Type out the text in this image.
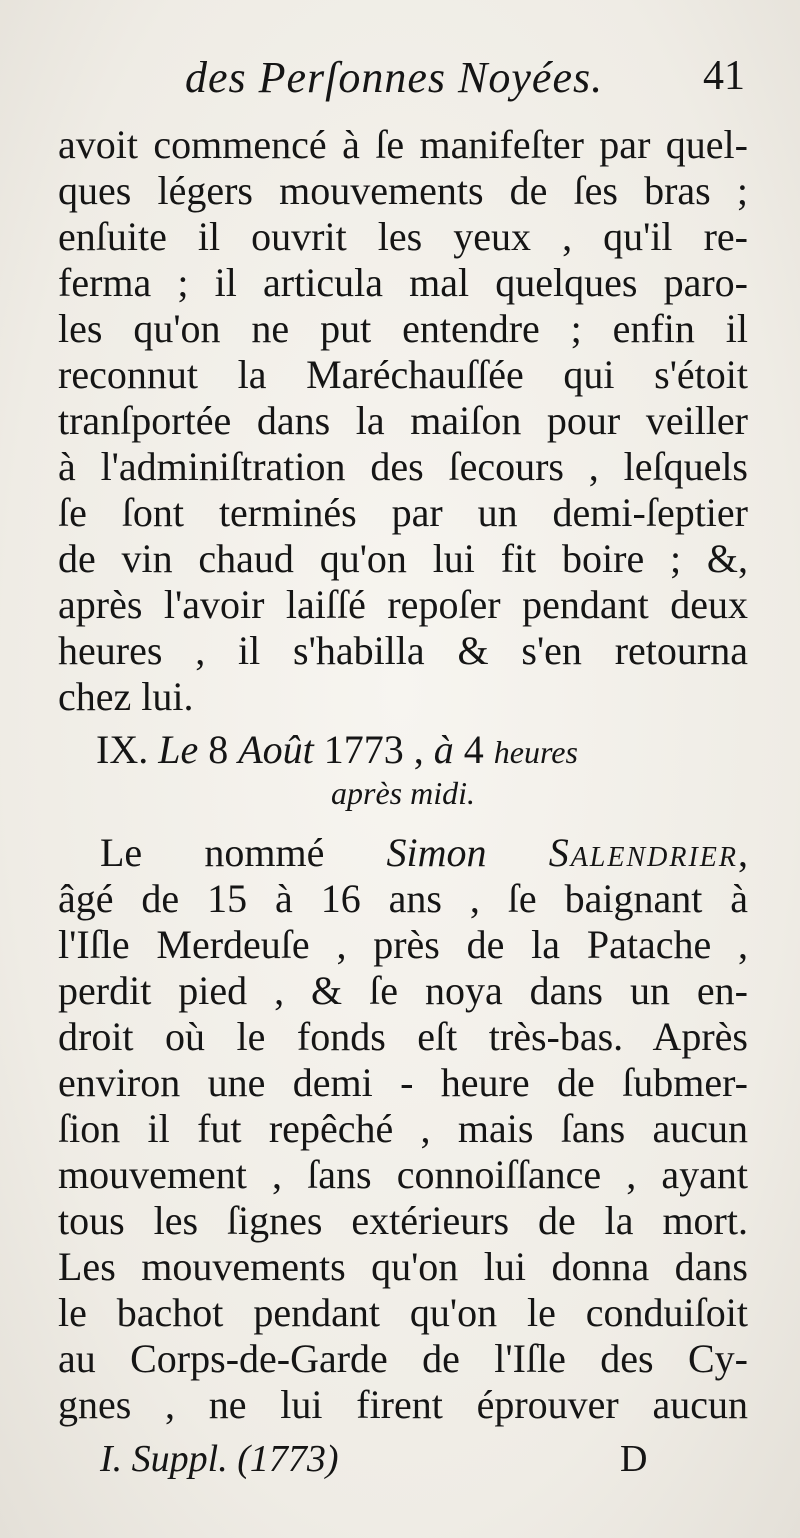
des Perſonnes Noyées. 41
avoit commencé à ſe manifeſter par quel-
ques légers mouvements de ſes bras ;
enſuite il ouvrit les yeux , qu'il re-
ferma ; il articula mal quelques paro-
les qu'on ne put entendre ; enfin il
reconnut la Maréchauſſée qui s'étoit
tranſportée dans la maiſon pour veiller
à l'adminiſtration des ſecours , leſquels
ſe ſont terminés par un demi-ſeptier
de vin chaud qu'on lui fit boire ; &,
après l'avoir laiſſé repoſer pendant deux
heures , il s'habilla & s'en retourna
chez lui.
IX. Le 8 Août 1773 , à 4 heures
après midi.
Le nommé Simon Salendrier,
âgé de 15 à 16 ans , ſe baignant à
l'Iſle Merdeuſe , près de la Patache ,
perdit pied , & ſe noya dans un en-
droit où le fonds eſt très-bas. Après
environ une demi - heure de ſubmer-
ſion il fut repêché , mais ſans aucun
mouvement , ſans connoiſſance , ayant
tous les ſignes extérieurs de la mort.
Les mouvements qu'on lui donna dans
le bachot pendant qu'on le conduiſoit
au Corps-de-Garde de l'Iſle des Cy-
gnes , ne lui firent éprouver aucun
I. Suppl. (1773)	D
